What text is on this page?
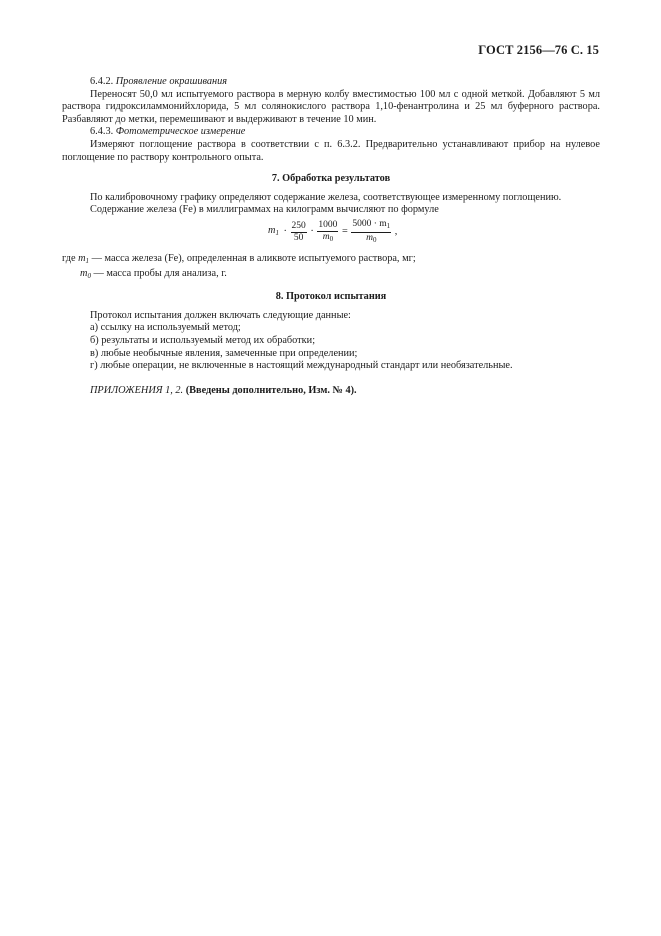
ГОСТ 2156—76 С. 15

6.4.2. Проявление окрашивания

Переносят 50,0 мл испытуемого раствора в мерную колбу вместимостью 100 мл с одной меткой. Добавляют 5 мл раствора гидроксиламмонийхлорида, 5 мл солянокислого раствора 1,10-фенантролина и 25 мл буферного раствора. Разбавляют до метки, перемешивают и выдерживают в течение 10 мин.

6.4.3. Фотометрическое измерение

Измеряют поглощение раствора в соответствии с п. 6.3.2. Предварительно устанавливают прибор на нулевое поглощение по раствору контрольного опыта.

7. Обработка результатов

По калибровочному графику определяют содержание железа, соответствующее измеренному поглощению.

Содержание железа (Fe) в миллиграммах на килограмм вычисляют по формуле

$m_1 \cdot \frac{250}{50} \cdot \frac{1000}{m_0} = \frac{5000 \cdot m_1}{m_0}$ ,
где $m_1$ — масса железа (Fe), определенная в аликвоте испытуемого раствора, мг;
$m_0$ — масса пробы для анализа, г.
8. Протокол испытания

Протокол испытания должен включать следующие данные:

а) ссылку на используемый метод;

б) результаты и используемый метод их обработки;

в) любые необычные явления, замеченные при определении;

г) любые операции, не включенные в настоящий международный стандарт или необязательные.

ПРИЛОЖЕНИЯ 1, 2. (Введены дополнительно, Изм. № 4).
